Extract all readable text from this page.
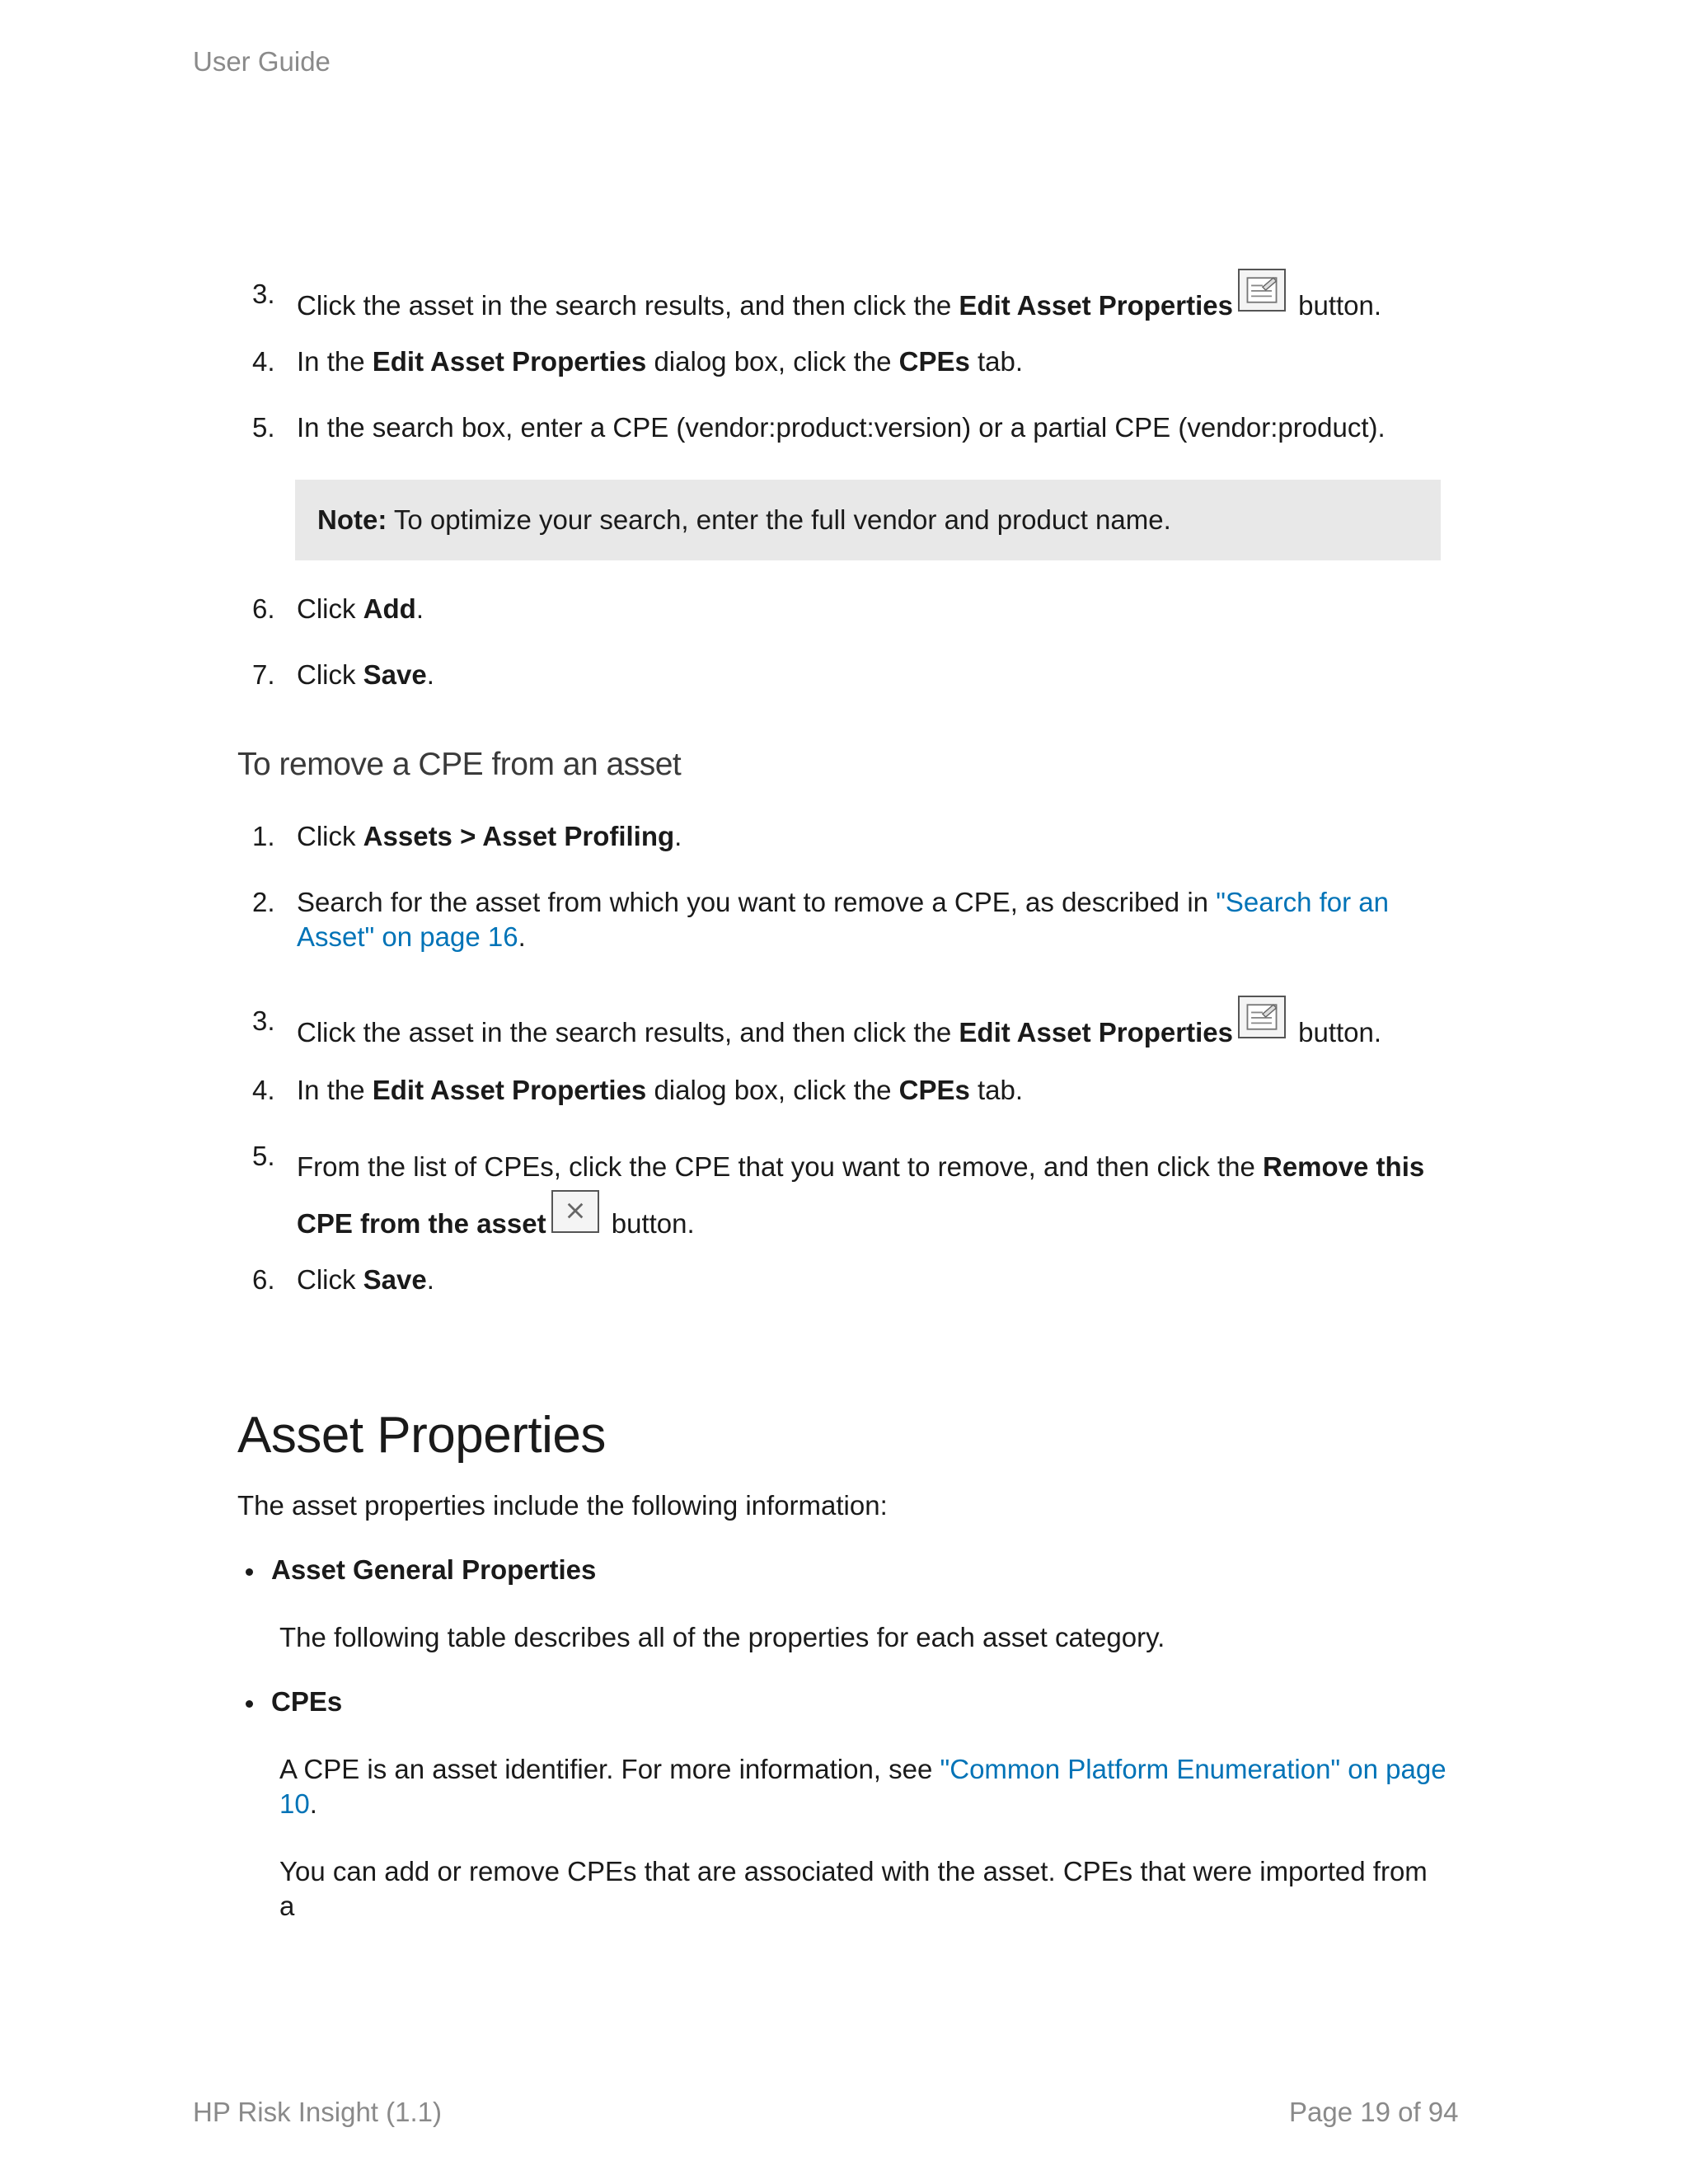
User Guide
3. Click the asset in the search results, and then click the Edit Asset Properties
button.
4. In the Edit Asset Properties dialog box, click the CPEs tab.
5. In the search box, enter a CPE (vendor:product:version) or a partial CPE (vendor:product).
Note: To optimize your search, enter the full vendor and product name.
6. Click Add.
7. Click Save.
To remove a CPE from an asset
1. Click Assets > Asset Profiling.
2. Search for the asset from which you want to remove a CPE, as described in "Search for an Asset" on page 16.
3. Click the asset in the search results, and then click the Edit Asset Properties
button.
4. In the Edit Asset Properties dialog box, click the CPEs tab.
5. From the list of CPEs, click the CPE that you want to remove, and then click the Remove this
CPE from the asset
button.
6. Click Save.
Asset Properties
The asset properties include the following information:
Asset General Properties
The following table describes all of the properties for each asset category.
CPEs
A CPE is an asset identifier. For more information, see "Common Platform Enumeration" on page 10.
You can add or remove CPEs that are associated with the asset. CPEs that were imported from a
HP Risk Insight (1.1)	Page 19 of 94
